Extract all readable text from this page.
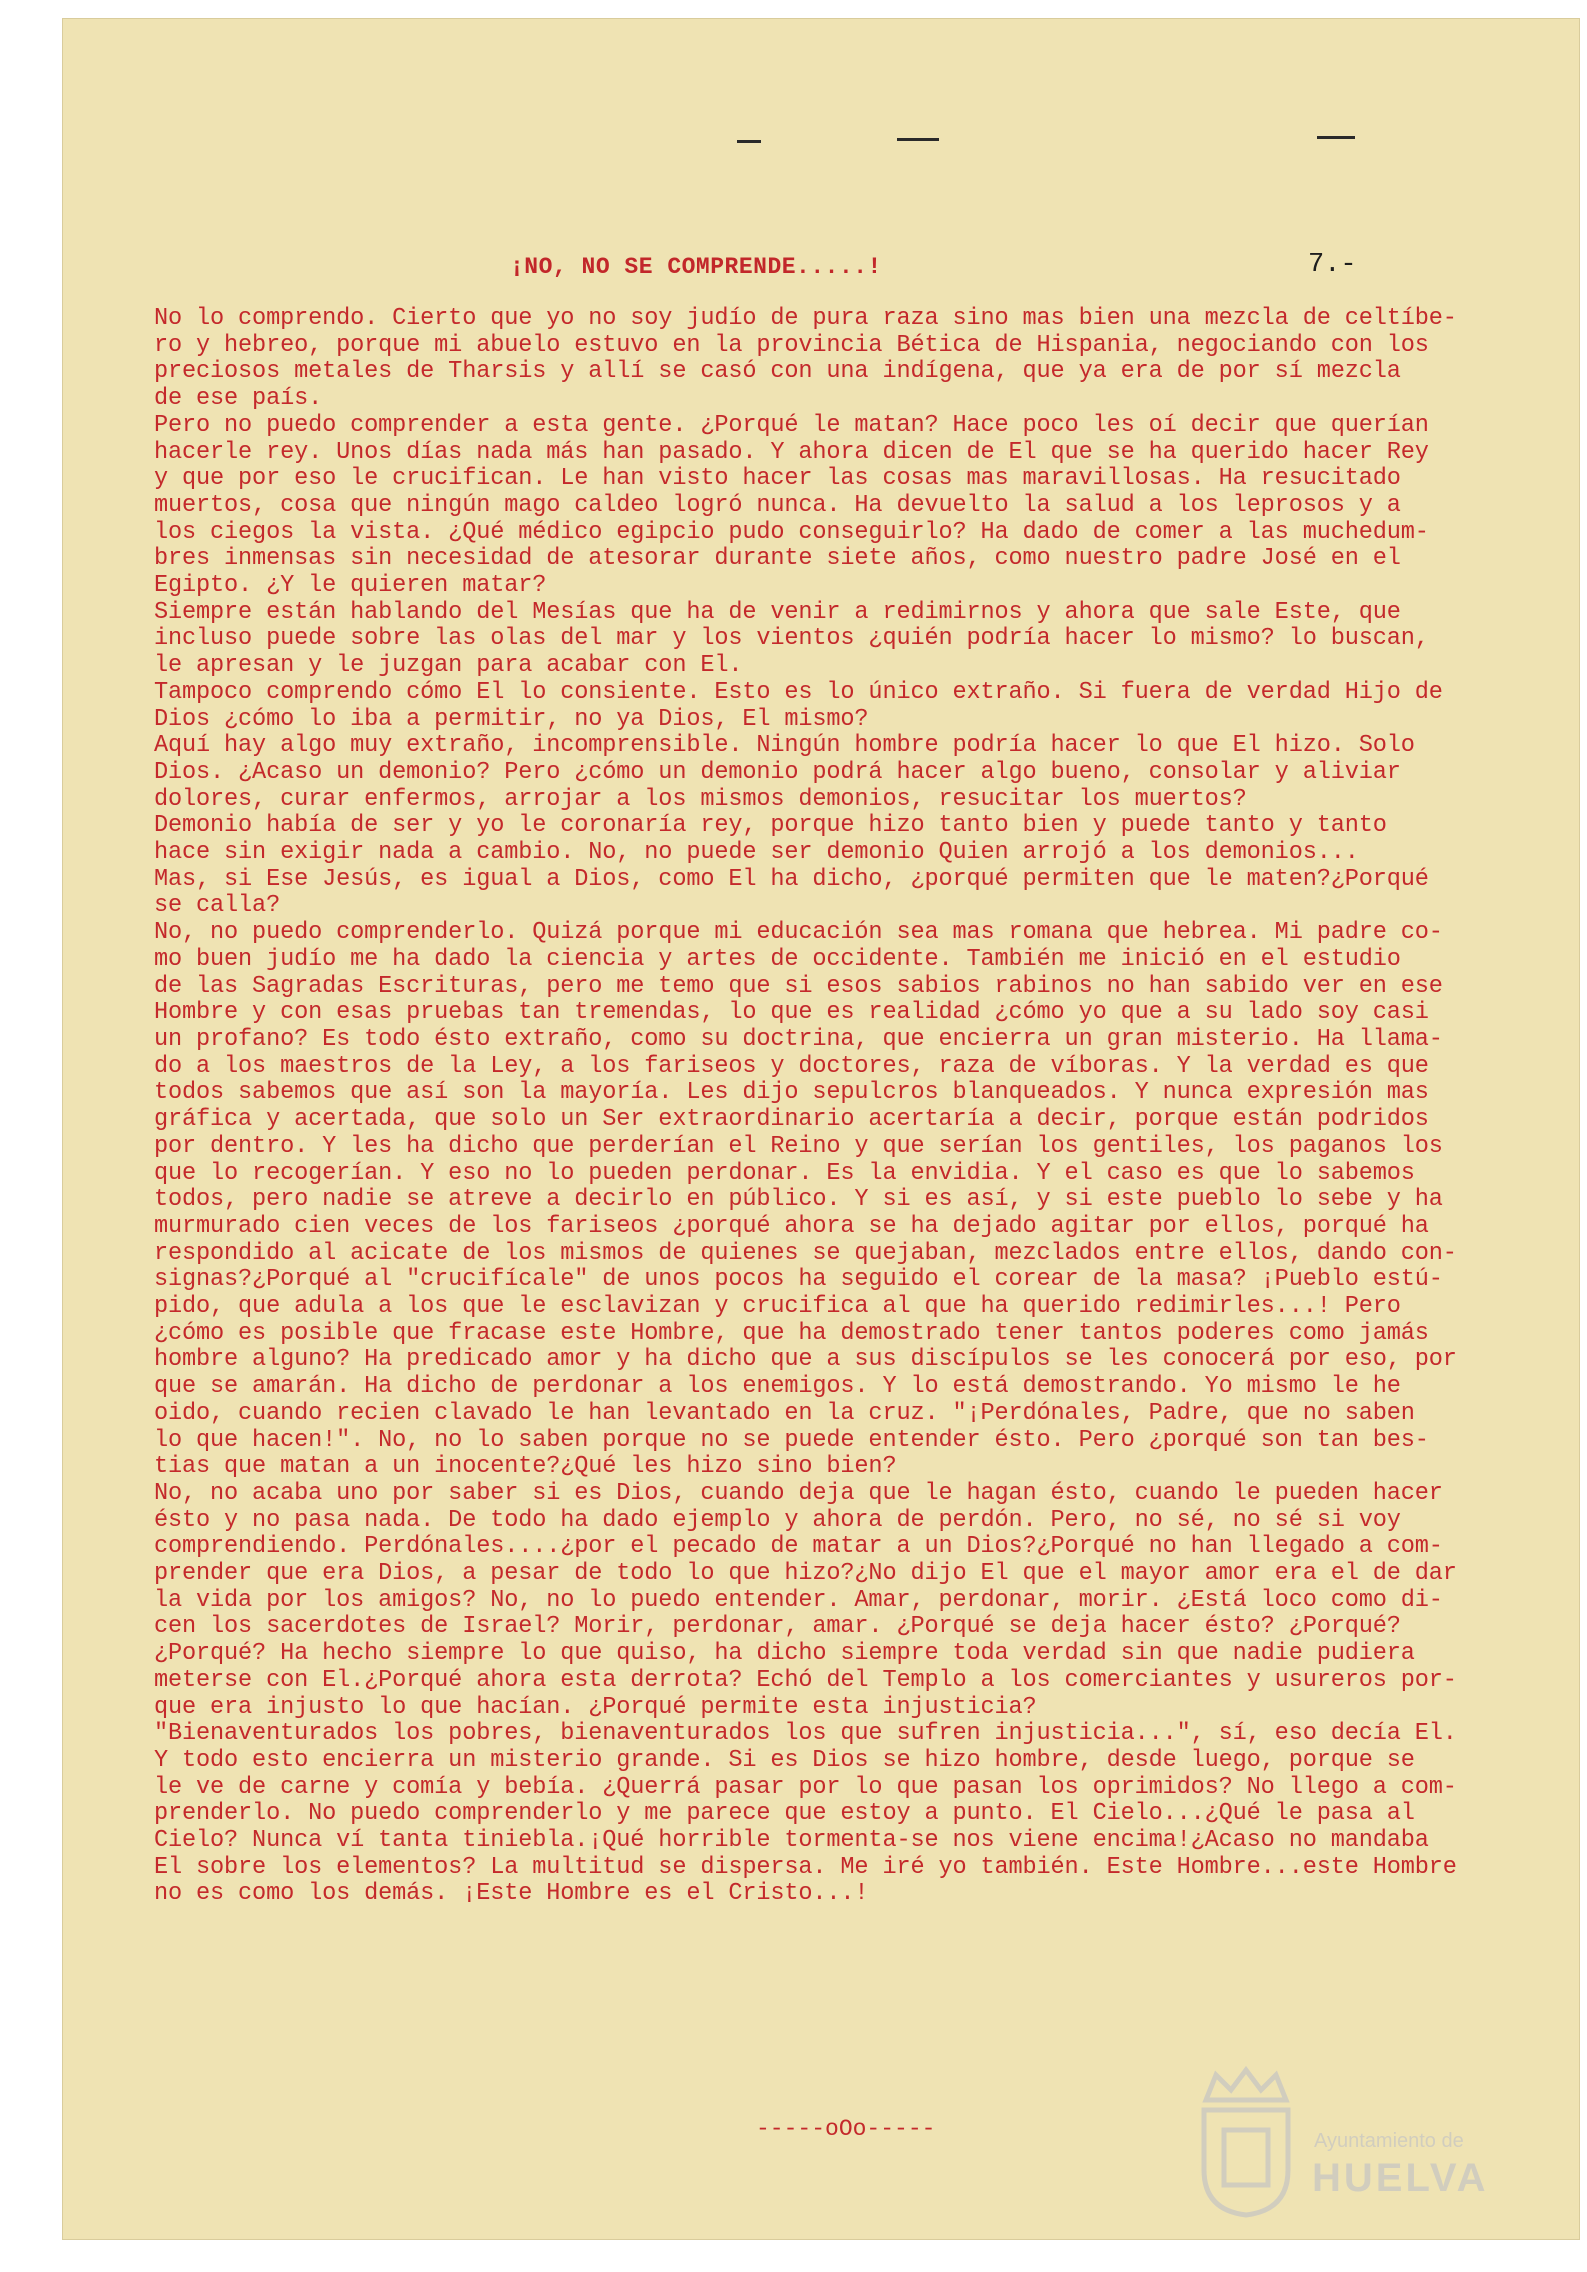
¡NO, NO SE COMPRENDE.....!	7.-

No lo comprendo. Cierto que yo no soy judío de pura raza sino mas bien una mezcla de celtíbe-

ro y hebreo, porque mi abuelo estuvo en la provincia Bética de Hispania, negociando con los

preciosos metales de Tharsis y allí se casó con una indígena, que ya era de por sí mezcla

de ese país.

Pero no puedo comprender a esta gente. ¿Porqué le matan? Hace poco les oí decir que querían

hacerle rey. Unos días nada más han pasado. Y ahora dicen de El que se ha querido hacer Rey

y que por eso le crucifican. Le han visto hacer las cosas mas maravillosas. Ha resucitado

muertos, cosa que ningún mago caldeo logró nunca. Ha devuelto la salud a los leprosos y a

los ciegos la vista. ¿Qué médico egipcio pudo conseguirlo? Ha dado de comer a las muchedum-

bres inmensas sin necesidad de atesorar durante siete años, como nuestro padre José en el

Egipto. ¿Y le quieren matar?

Siempre están hablando del Mesías que ha de venir a redimirnos y ahora que sale Este, que

incluso puede sobre las olas del mar y los vientos ¿quién podría hacer lo mismo? lo buscan,

le apresan y le juzgan para acabar con El.

Tampoco comprendo cómo El lo consiente. Esto es lo único extraño. Si fuera de verdad Hijo de

Dios ¿cómo lo iba a permitir, no ya Dios, El mismo?

Aquí hay algo muy extraño, incomprensible. Ningún hombre podría hacer lo que El hizo. Solo

Dios. ¿Acaso un demonio? Pero ¿cómo un demonio podrá hacer algo bueno, consolar y aliviar

dolores, curar enfermos, arrojar a los mismos demonios, resucitar los muertos?

Demonio había de ser y yo le coronaría rey, porque hizo tanto bien y puede tanto y tanto

hace sin exigir nada a cambio. No, no puede ser demonio Quien arrojó a los demonios...

Mas, si Ese Jesús, es igual a Dios, como El ha dicho, ¿porqué permiten que le maten?¿Porqué

se calla?

No, no puedo comprenderlo. Quizá porque mi educación sea mas romana que hebrea. Mi padre co-

mo buen judío me ha dado la ciencia y artes de occidente. También me inició en el estudio

de las Sagradas Escrituras, pero me temo que si esos sabios rabinos no han sabido ver en ese

Hombre y con esas pruebas tan tremendas, lo que es realidad ¿cómo yo que a su lado soy casi

un profano? Es todo ésto extraño, como su doctrina, que encierra un gran misterio. Ha llama-

do a los maestros de la Ley, a los fariseos y doctores, raza de víboras. Y la verdad es que

todos sabemos que así son la mayoría. Les dijo sepulcros blanqueados. Y nunca expresión mas

gráfica y acertada, que solo un Ser extraordinario acertaría a decir, porque están podridos

por dentro. Y les ha dicho que perderían el Reino y que serían los gentiles, los paganos los

que lo recogerían. Y eso no lo pueden perdonar. Es la envidia. Y el caso es que lo sabemos

todos, pero nadie se atreve a decirlo en público. Y si es así, y si este pueblo lo sebe y ha

murmurado cien veces de los fariseos ¿porqué ahora se ha dejado agitar por ellos, porqué ha

respondido al acicate de los mismos de quienes se quejaban, mezclados entre ellos, dando con-

signas?¿Porqué al "crucifícale" de unos pocos ha seguido el corear de la masa? ¡Pueblo estú-

pido, que adula a los que le esclavizan y crucifica al que ha querido redimirles...! Pero

¿cómo es posible que fracase este Hombre, que ha demostrado tener tantos poderes como jamás

hombre alguno? Ha predicado amor y ha dicho que a sus discípulos se les conocerá por eso, por

que se amarán. Ha dicho de perdonar a los enemigos. Y lo está demostrando. Yo mismo le he

oido, cuando recien clavado le han levantado en la cruz. "¡Perdónales, Padre, que no saben

lo que hacen!". No, no lo saben porque no se puede entender ésto. Pero ¿porqué son tan bes-

tias que matan a un inocente?¿Qué les hizo sino bien?

No, no acaba uno por saber si es Dios, cuando deja que le hagan ésto, cuando le pueden hacer

ésto y no pasa nada. De todo ha dado ejemplo y ahora de perdón. Pero, no sé, no sé si voy

comprendiendo. Perdónales....¿por el pecado de matar a un Dios?¿Porqué no han llegado a com-

prender que era Dios, a pesar de todo lo que hizo?¿No dijo El que el mayor amor era el de dar

la vida por los amigos? No, no lo puedo entender. Amar, perdonar, morir. ¿Está loco como di-

cen los sacerdotes de Israel? Morir, perdonar, amar. ¿Porqué se deja hacer ésto? ¿Porqué?

¿Porqué? Ha hecho siempre lo que quiso, ha dicho siempre toda verdad sin que nadie pudiera

meterse con El.¿Porqué ahora esta derrota? Echó del Templo a los comerciantes y usureros por-

que era injusto lo que hacían. ¿Porqué permite esta injusticia?

"Bienaventurados los pobres, bienaventurados los que sufren injusticia...", sí, eso decía El.

Y todo esto encierra un misterio grande. Si es Dios se hizo hombre, desde luego, porque se

le ve de carne y comía y bebía. ¿Querrá pasar por lo que pasan los oprimidos? No llego a com-

prenderlo. No puedo comprenderlo y me parece que estoy a punto. El Cielo...¿Qué le pasa al

Cielo? Nunca ví tanta tiniebla.¡Qué horrible tormenta-se nos viene encima!¿Acaso no mandaba

El sobre los elementos? La multitud se dispersa. Me iré yo también. Este Hombre...este Hombre

no es como los demás. ¡Este Hombre es el Cristo...!

-----oOo-----	Ayuntamiento de
HUELVA
